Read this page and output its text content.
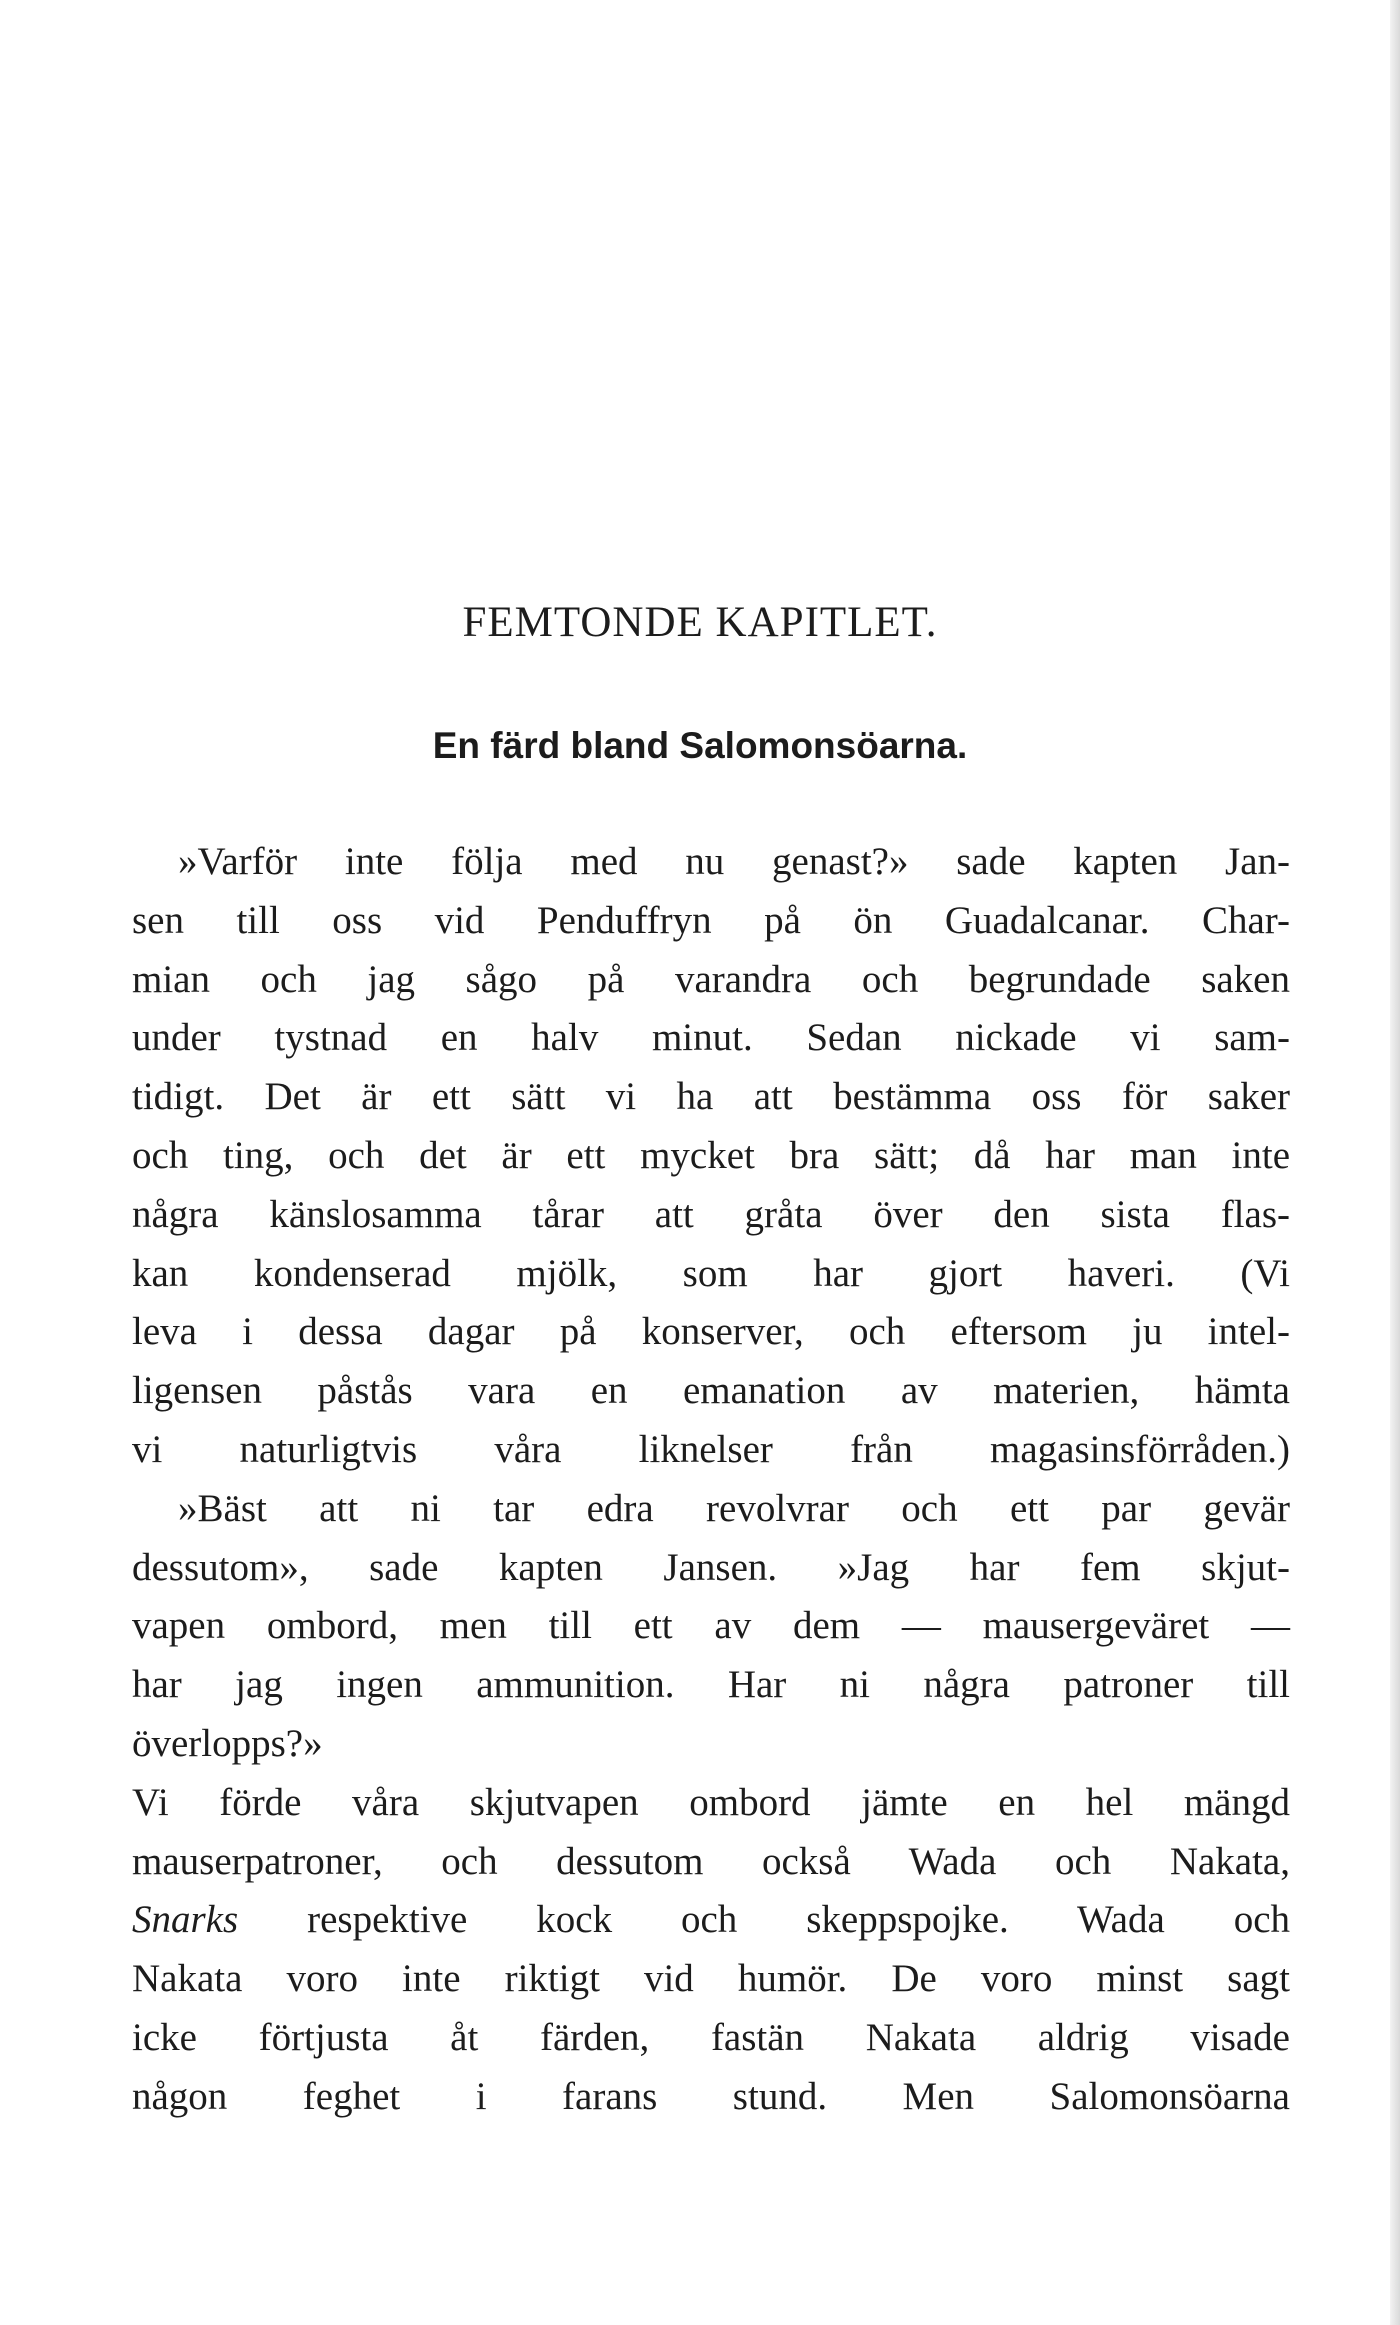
FEMTONDE KAPITLET.
En färd bland Salomonsöarna.
»Varför inte följa med nu genast?» sade kapten Jan-
sen till oss vid Penduffryn på ön Guadalcanar. Char-
mian och jag sågo på varandra och begrundade saken
under tystnad en halv minut. Sedan nickade vi sam-
tidigt. Det är ett sätt vi ha att bestämma oss för saker
och ting, och det är ett mycket bra sätt; då har man inte
några känslosamma tårar att gråta över den sista flas-
kan kondenserad mjölk, som har gjort haveri. (Vi
leva i dessa dagar på konserver, och eftersom ju intel-
ligensen påstås vara en emanation av materien, hämta
vi naturligtvis våra liknelser från magasinsförråden.)
»Bäst att ni tar edra revolvrar och ett par gevär
dessutom», sade kapten Jansen. »Jag har fem skjut-
vapen ombord, men till ett av dem — mausergeväret —
har jag ingen ammunition. Har ni några patroner till
överlopps?»
Vi förde våra skjutvapen ombord jämte en hel mängd
mauserpatroner, och dessutom också Wada och Nakata,
Snarks respektive kock och skeppspojke. Wada och
Nakata voro inte riktigt vid humör. De voro minst sagt
icke förtjusta åt färden, fastän Nakata aldrig visade
någon feghet i farans stund. Men Salomonsöarna
